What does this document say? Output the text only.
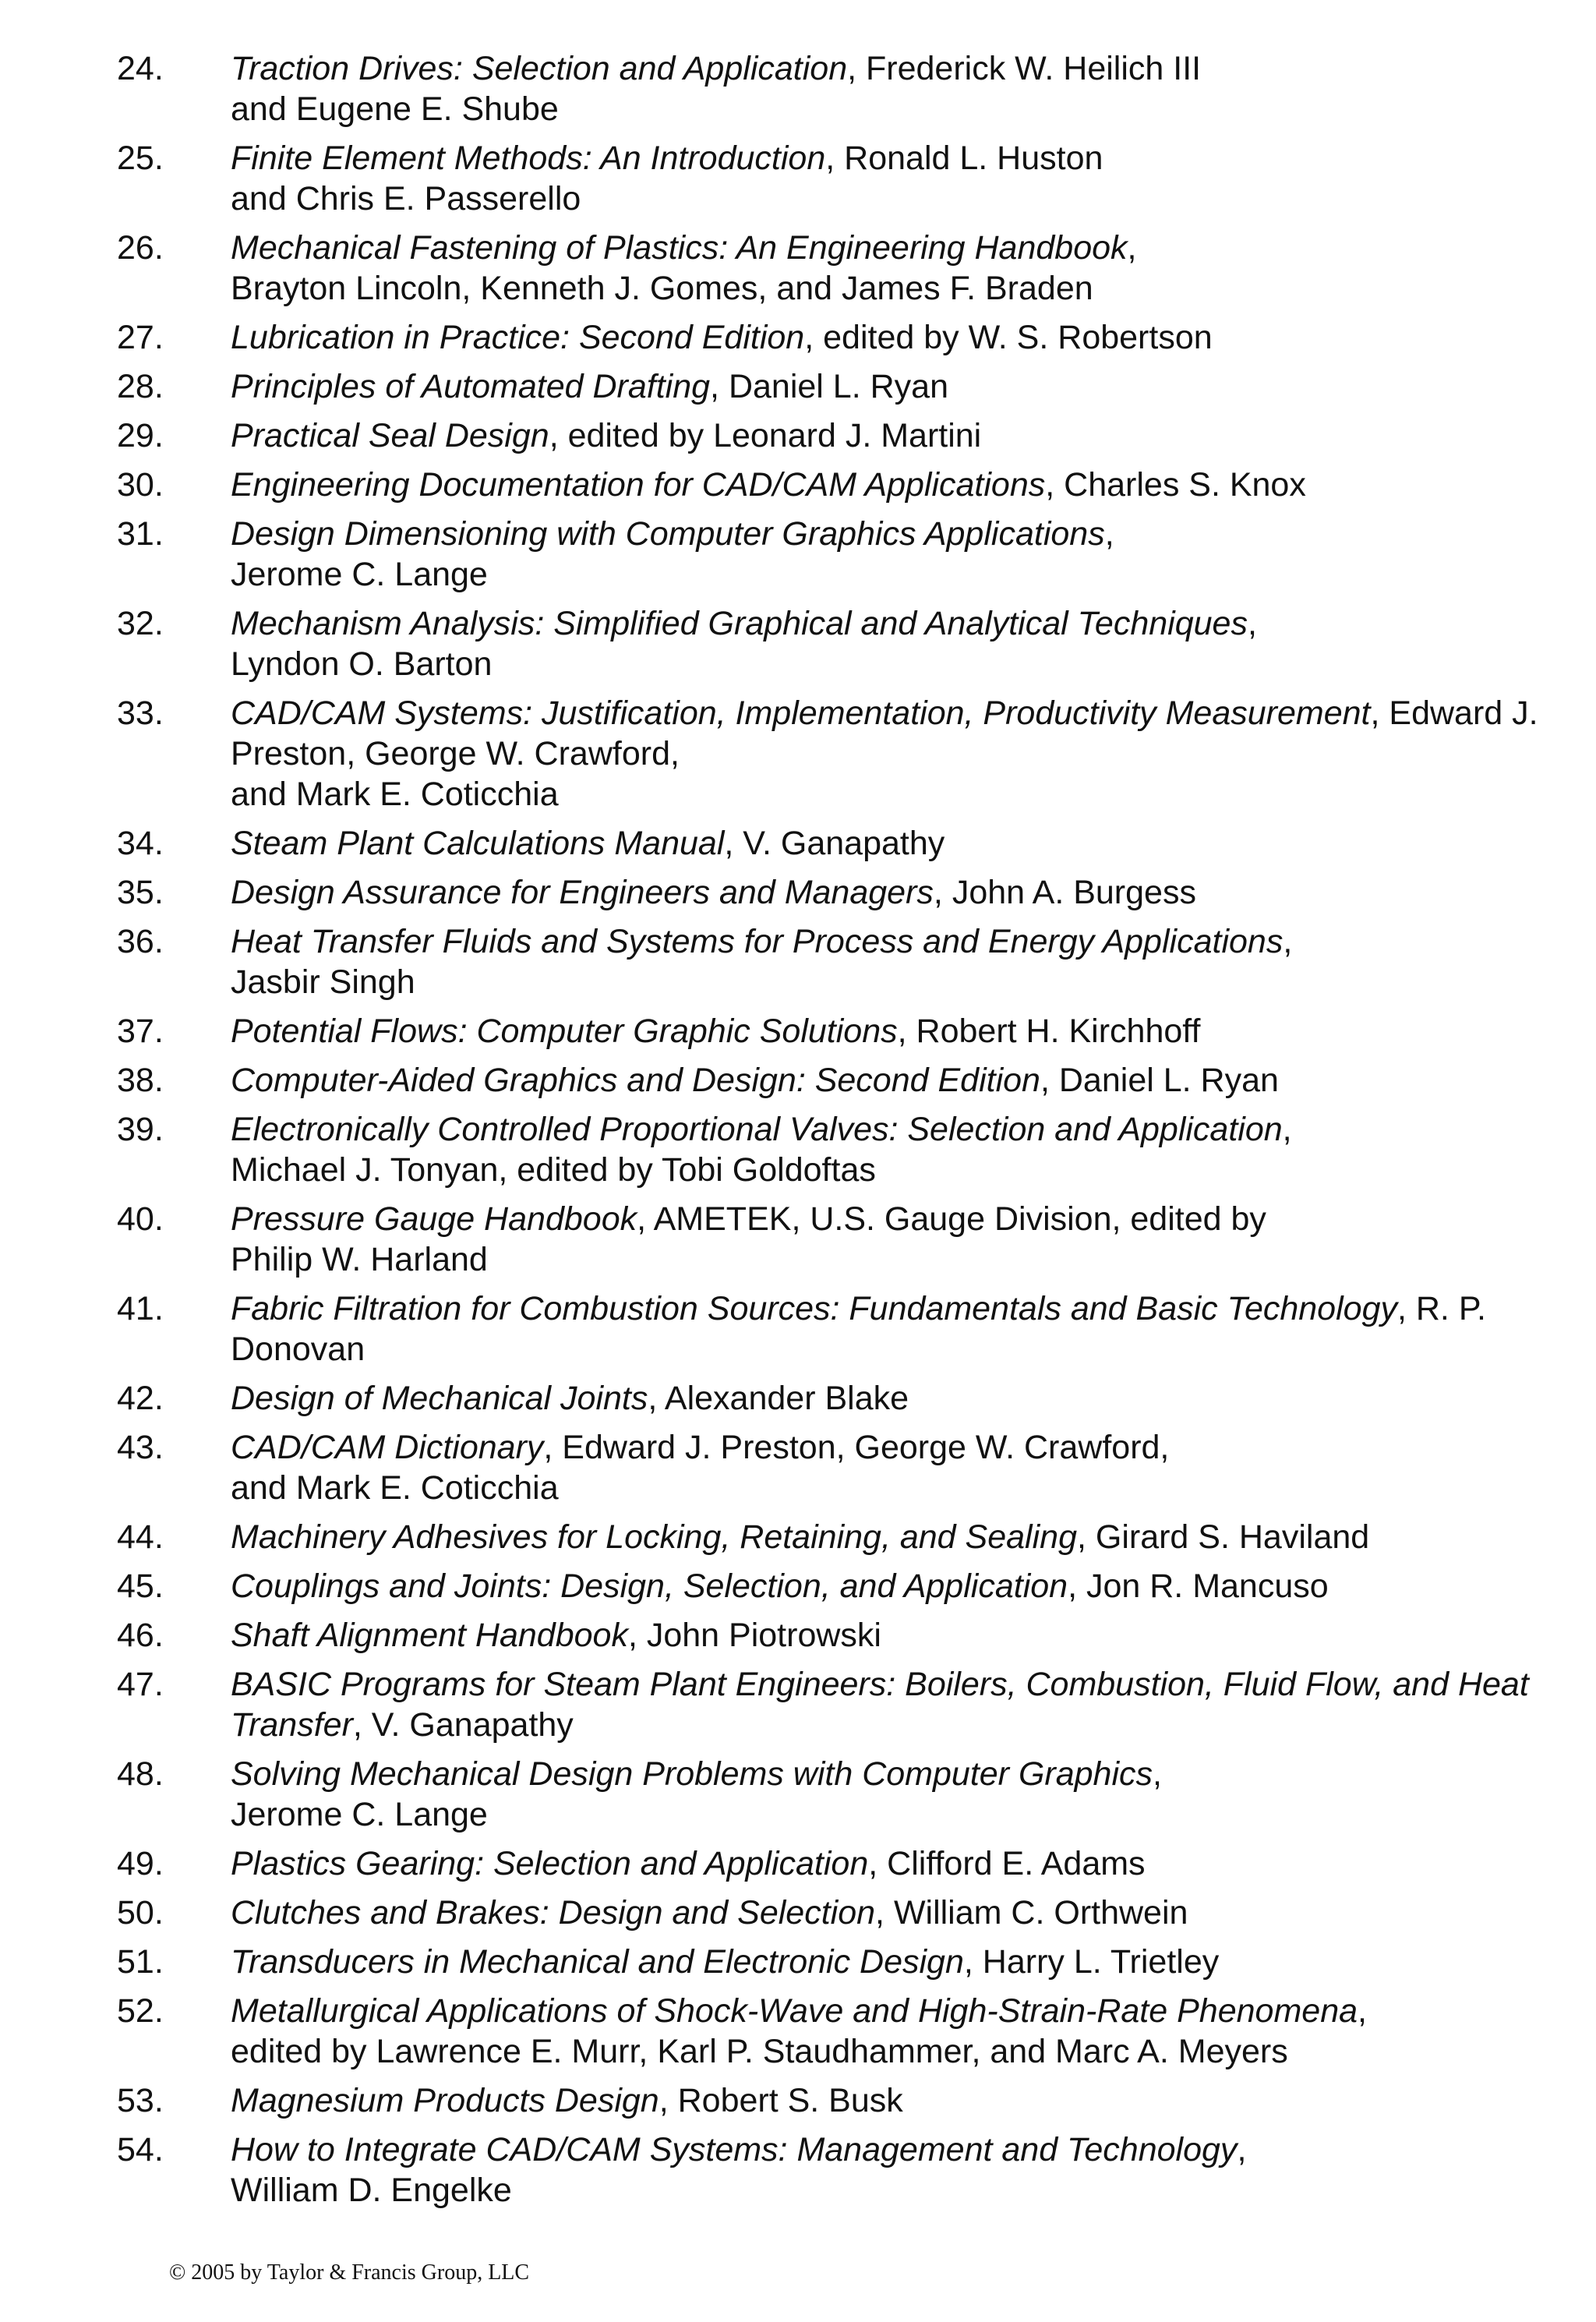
24.	Traction Drives: Selection and Application, Frederick W. Heilich III
and Eugene E. Shube
25.	Finite Element Methods: An Introduction, Ronald L. Huston
and Chris E. Passerello
26.	Mechanical Fastening of Plastics: An Engineering Handbook,
Brayton Lincoln, Kenneth J. Gomes, and James F. Braden
27.	Lubrication in Practice: Second Edition, edited by W. S. Robertson
28.	Principles of Automated Drafting, Daniel L. Ryan
29.	Practical Seal Design, edited by Leonard J. Martini
30.	Engineering Documentation for CAD/CAM Applications, Charles S. Knox
31.	Design Dimensioning with Computer Graphics Applications,
Jerome C. Lange
32.	Mechanism Analysis: Simplified Graphical and Analytical Techniques,
Lyndon O. Barton
33.	CAD/CAM Systems: Justification, Implementation, Productivity Measurement, Edward J. Preston, George W. Crawford,
and Mark E. Coticchia
34.	Steam Plant Calculations Manual, V. Ganapathy
35.	Design Assurance for Engineers and Managers, John A. Burgess
36.	Heat Transfer Fluids and Systems for Process and Energy Applications,
Jasbir Singh
37.	Potential Flows: Computer Graphic Solutions, Robert H. Kirchhoff
38.	Computer-Aided Graphics and Design: Second Edition, Daniel L. Ryan
39.	Electronically Controlled Proportional Valves: Selection and Application,
Michael J. Tonyan, edited by Tobi Goldoftas
40.	Pressure Gauge Handbook, AMETEK, U.S. Gauge Division, edited by
Philip W. Harland
41.	Fabric Filtration for Combustion Sources: Fundamentals and Basic Technology, R. P. Donovan
42.	Design of Mechanical Joints, Alexander Blake
43.	CAD/CAM Dictionary, Edward J. Preston, George W. Crawford,
and Mark E. Coticchia
44.	Machinery Adhesives for Locking, Retaining, and Sealing, Girard S. Haviland
45.	Couplings and Joints: Design, Selection, and Application, Jon R. Mancuso
46.	Shaft Alignment Handbook, John Piotrowski
47.	BASIC Programs for Steam Plant Engineers: Boilers, Combustion, Fluid Flow, and Heat Transfer, V. Ganapathy
48.	Solving Mechanical Design Problems with Computer Graphics,
Jerome C. Lange
49.	Plastics Gearing: Selection and Application, Clifford E. Adams
50.	Clutches and Brakes: Design and Selection, William C. Orthwein
51.	Transducers in Mechanical and Electronic Design, Harry L. Trietley
52.	Metallurgical Applications of Shock-Wave and High-Strain-Rate Phenomena,
edited by Lawrence E. Murr, Karl P. Staudhammer, and Marc A. Meyers
53.	Magnesium Products Design, Robert S. Busk
54.	How to Integrate CAD/CAM Systems: Management and Technology,
William D. Engelke
© 2005 by Taylor & Francis Group, LLC
